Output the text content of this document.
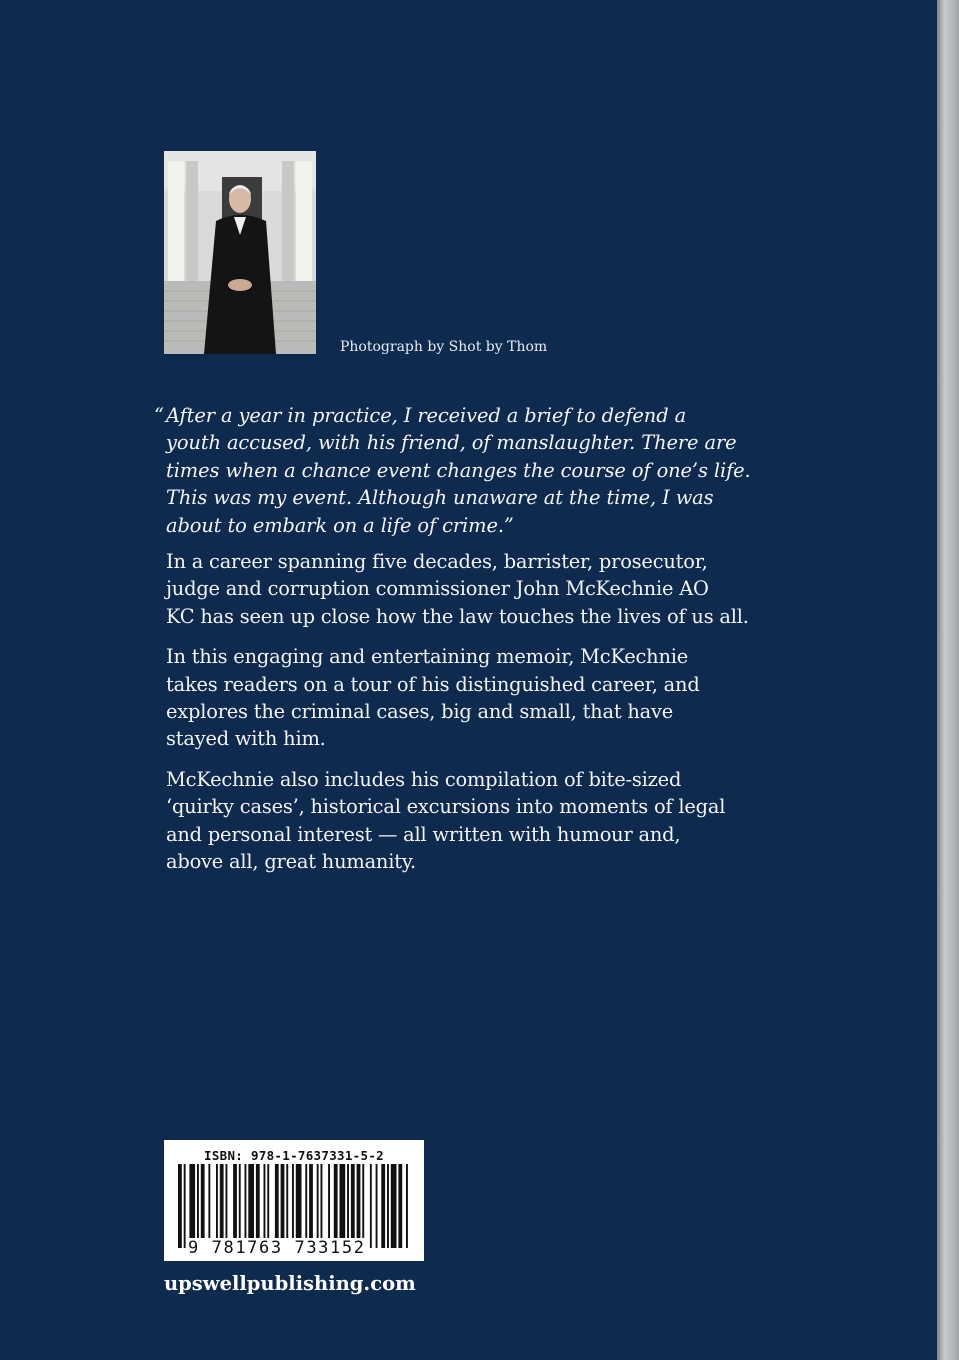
Photograph by Shot by Thom
“ After a year in practice, I received a brief to defend a
youth accused, with his friend, of manslaughter. There are
times when a chance event changes the course of one’s life.
This was my event. Although unaware at the time, I was
about to embark on a life of crime.”
In a career spanning five decades, barrister, prosecutor,
judge and corruption commissioner John McKechnie AO
KC has seen up close how the law touches the lives of us all.
In this engaging and entertaining memoir, McKechnie
takes readers on a tour of his distinguished career, and
explores the criminal cases, big and small, that have
stayed with him.
McKechnie also includes his compilation of bite-sized
‘quirky cases’, historical excursions into moments of legal
and personal interest — all written with humour and,
above all, great humanity.
ISBN: 978-1-7637331-5-2
9 781763 733152
upswellpublishing.com
